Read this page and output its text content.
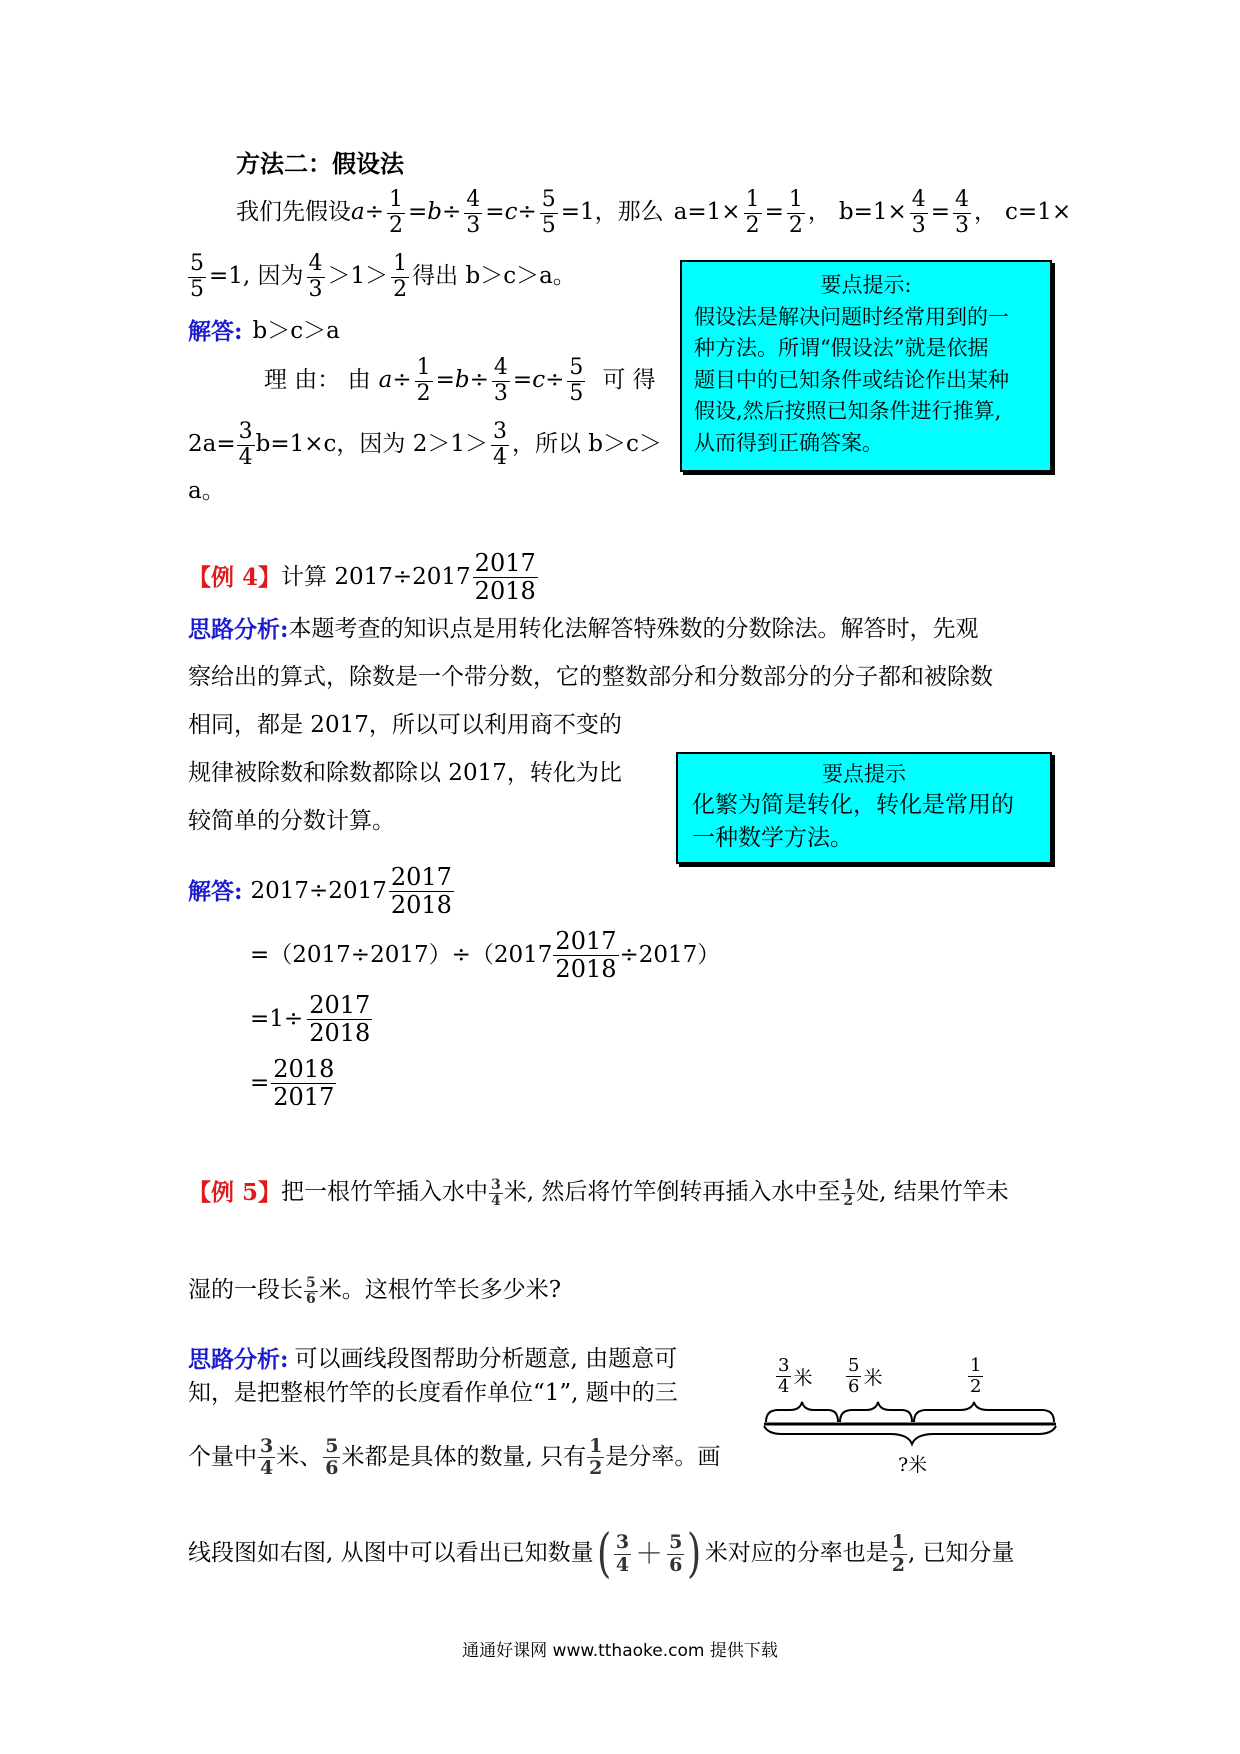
方法二：假设法
我们先假设 $a \div \frac{1}{2} = b \div \frac{4}{3} = c \div \frac{5}{5} = 1$ ，那么 $a=1\times \frac{1}{2} = \frac{1}{2}$ ， $b=1\times \frac{4}{3} = \frac{4}{3}$ ， c=1×
$\frac{5}{5} =1$, 因为 $\frac{4}{3} >1> \frac{1}{2}$ 得出 b＞c＞a。
解答: b＞c＞a
理 由： 由 $a \div \frac{1}{2} = b \div \frac{4}{3} = c \div \frac{5}{5}$ 可 得
$2a= \frac{3}{4} b=1\times c$，因为 $2>1> \frac{3}{4}$ ，所以 b＞c＞
a。
要点提示:
假设法是解决问题时经常用到的一
种方法。所谓“假设法”就是依据
题目中的已知条件或结论作出某种
假设,然后按照已知条件进行推算,
从而得到正确答案。
【例 4】 计算 $2017\div 2017 \frac{2017}{2018}$
思路分析: 本题考查的知识点是用转化法解答特殊数的分数除法。解答时，先观
察给出的算式，除数是一个带分数，它的整数部分和分数部分的分子都和被除数
相同，都是 2017，所以可以利用商不变的
规律被除数和除数都除以 2017，转化为比
较简单的分数计算。
要点提示
化繁为简是转化，转化是常用的
一种数学方法。
解答: $2017\div 2017 \frac{2017}{2018}$
$=(2017\div 2017)\div(2017 \frac{2017}{2018} \div 2017)$
$=1\div \frac{2017}{2018}$
= $\frac{2018}{2017}$
【例 5】 把一根竹竿插入水中 $\frac{3}{4}$ 米, 然后将竹竿倒转再插入水中至 $\frac{1}{2}$ 处, 结果竹竿未
湿的一段长 $\frac{5}{6}$ 米。这根竹竿长多少米?
思路分析: 可以画线段图帮助分析题意, 由题意可
知，是把整根竹竿的长度看作单位“1”, 题中的三
个量中 $\frac{3}{4}$ 米、 $\frac{5}{6}$ 米都是具体的数量, 只有 $\frac{1}{2}$ 是分率。画
线段图如右图, 从图中可以看出已知数量 ( $\frac{3}{4} + \frac{5}{6}$ ) 米对应的分率也是 $\frac{1}{2}$ , 已知分量
$\frac{3}{4}$ 米 $\frac{5}{6}$ 米	$\frac{1}{2}$
?米
通通好课网 www.tthaoke.com 提供下载
